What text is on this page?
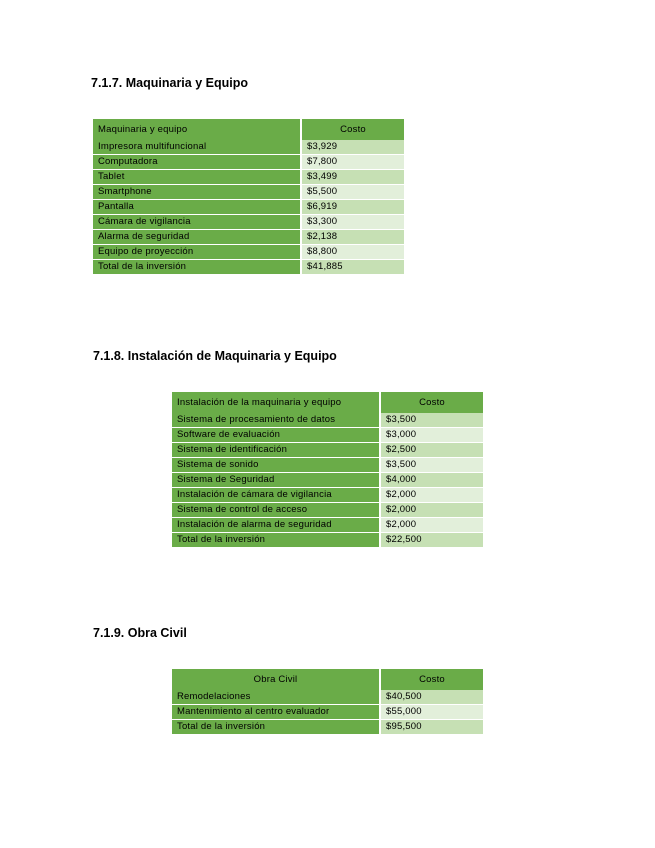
7.1.7. Maquinaria y Equipo
Maquinaria y equipo	Costo
Impresora multifuncional	$3,929
Computadora	$7,800
Tablet	$3,499
Smartphone	$5,500
Pantalla	$6,919
Cámara de vigilancia	$3,300
Alarma de seguridad	$2,138
Equipo de proyección	$8,800
Total de la inversión	$41,885
7.1.8. Instalación de Maquinaria y Equipo
Instalación de la maquinaria y equipo	Costo
Sistema de procesamiento de datos	$3,500
Software de evaluación	$3,000
Sistema de identificación	$2,500
Sistema de sonido	$3,500
Sistema de Seguridad	$4,000
Instalación de cámara de vigilancia	$2,000
Sistema de control de acceso	$2,000
Instalación de alarma de seguridad	$2,000
Total de la inversión	$22,500
7.1.9. Obra Civil
Obra Civil	Costo
Remodelaciones	$40,500
Mantenimiento al centro evaluador	$55,000
Total de la inversión	$95,500
